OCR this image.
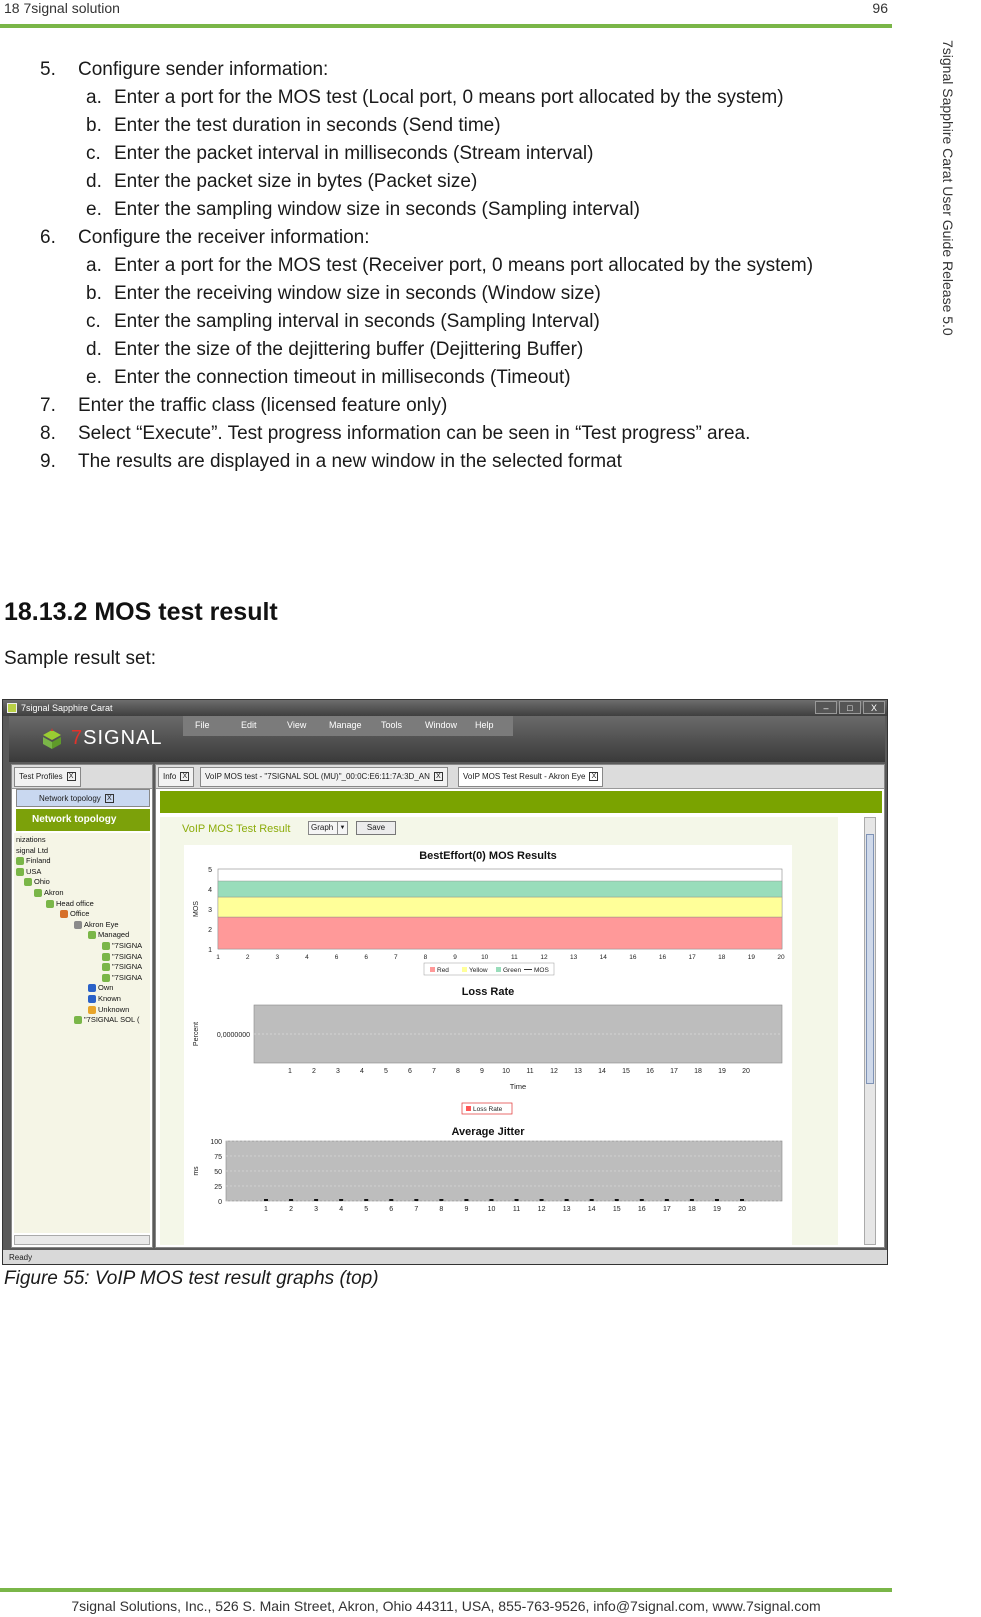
18 7signal solution	96
7signal Sapphire Carat User Guide Release 5.0
5. Configure sender information:
a. Enter a port for the MOS test (Local port, 0 means port allocated by the system)
b. Enter the test duration in seconds (Send time)
c. Enter the packet interval in milliseconds (Stream interval)
d. Enter the packet size in bytes (Packet size)
e. Enter the sampling window size in seconds (Sampling interval)
6. Configure the receiver information:
a. Enter a port for the MOS test (Receiver port, 0 means port allocated by the system)
b. Enter the receiving window size in seconds (Window size)
c. Enter the sampling interval in seconds (Sampling Interval)
d. Enter the size of the dejittering buffer (Dejittering Buffer)
e. Enter the connection timeout in milliseconds (Timeout)
7. Enter the traffic class (licensed feature only)
8. Select “Execute”. Test progress information can be seen in “Test progress” area.
9. The results are displayed in a new window in the selected format
18.13.2 MOS test result
Sample result set:
7signal Sapphire Carat	–	□	X
7SIGNAL
File	Edit	View	Manage Tools	Window Help
Test Profiles X
Network topology X
Network topology
nizations
signal Ltd
Finland
USA
Ohio
Akron
Head office
Office
Akron Eye
Managed
"7SIGNA
"7SIGNA
"7SIGNA
"7SIGNA
Own
Known
Unknown
"7SIGNAL SOL (
Info X	VoIP MOS test - "7SIGNAL SOL (MU)"_00:0C:E6:11:7A:3D_AN X	VoIP MOS Test Result - Akron Eye X
VoIP MOS Test Result	Graph	▼	Save
BestEffort(0) MOS Results
1
2
3
4
5
MOS
1	2	3	4	6	6	7	8	9	10	11	12	13	14	16	16	17	18	19	20
Red	Yellow Green MOS
Loss Rate
0,0000000
Percent
1	2	3	4	5	6	7	8	9	10 11 12 13 14 15 16 17 18 19 20
Time
Loss Rate
Average Jitter
0
25
50
75
100
ms
1	2	3	4	5	6	7	8	9	10	11	12 13 14 15 16 17 18 19 20
Ready
Figure 55: VoIP MOS test result graphs (top)
7signal Solutions, Inc., 526 S. Main Street, Akron, Ohio 44311, USA, 855-763-9526, info@7signal.com, www.7signal.com
